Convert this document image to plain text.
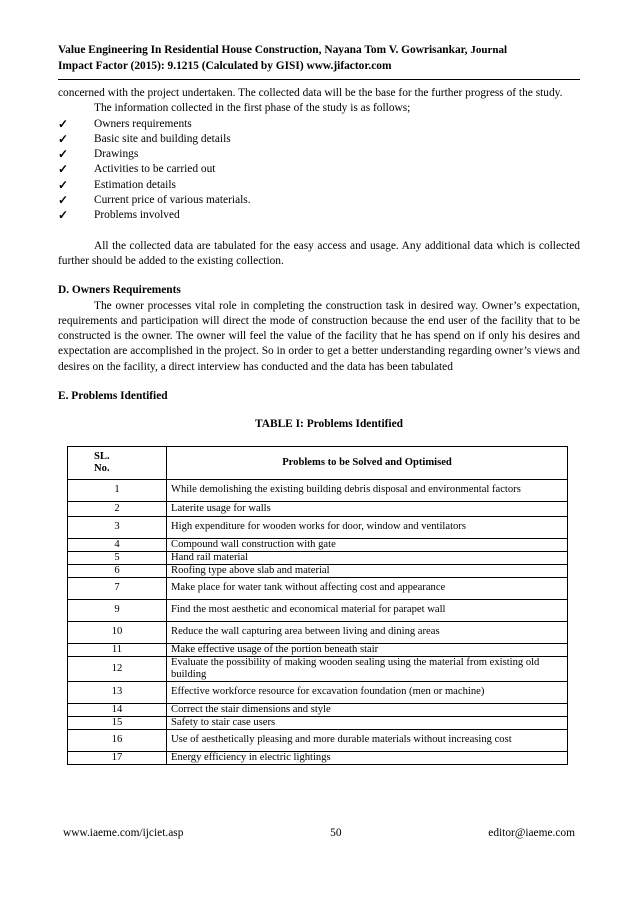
Value Engineering In Residential House Construction, Nayana Tom V. Gowrisankar, Journal
Impact Factor (2015): 9.1215 (Calculated by GISI) www.jifactor.com

concerned with the project undertaken. The collected data will be the base for the further progress of the study.

The information collected in the first phase of the study is as follows;

✓	Owners requirements
✓	Basic site and building details
✓	Drawings
✓	Activities to be carried out
✓	Estimation details
✓	Current price of various materials.
✓	Problems involved

All the collected data are tabulated for the easy access and usage. Any additional data which is collected further should be added to the existing collection.

D. Owners Requirements

The owner processes vital role in completing the construction task in desired way. Owner’s expectation, requirements and participation will direct the mode of construction because the end user of the facility that to be constructed is the owner. The owner will feel the value of the facility that he has spend on if only his desires and expectation are accomplished in the project. So in order to get a better understanding regarding owner’s views and desires on the facility, a direct interview has conducted and the data has been tabulated

E. Problems Identified
TABLE I: Problems Identified
SL.
No.	Problems to be Solved and Optimised
1	While demolishing the existing building debris disposal and environmental factors
2	Laterite usage for walls
3	High expenditure for wooden works for door, window and ventilators
4	Compound wall construction with gate
5	Hand rail material
6	Roofing type above slab and material
7	Make place for water tank without affecting cost and appearance
9	Find the most aesthetic and economical material for parapet wall
10	Reduce the wall capturing area between living and dining areas
11	Make effective usage of the portion beneath stair
12	Evaluate the possibility of making wooden sealing using the material from existing old building
13	Effective workforce resource for excavation foundation (men or machine)
14	Correct the stair dimensions and style
15	Safety to stair case users
16	Use of aesthetically pleasing and more durable materials without increasing cost
17	Energy efficiency in electric lightings
www.iaeme.com/ijciet.asp	50	editor@iaeme.com
